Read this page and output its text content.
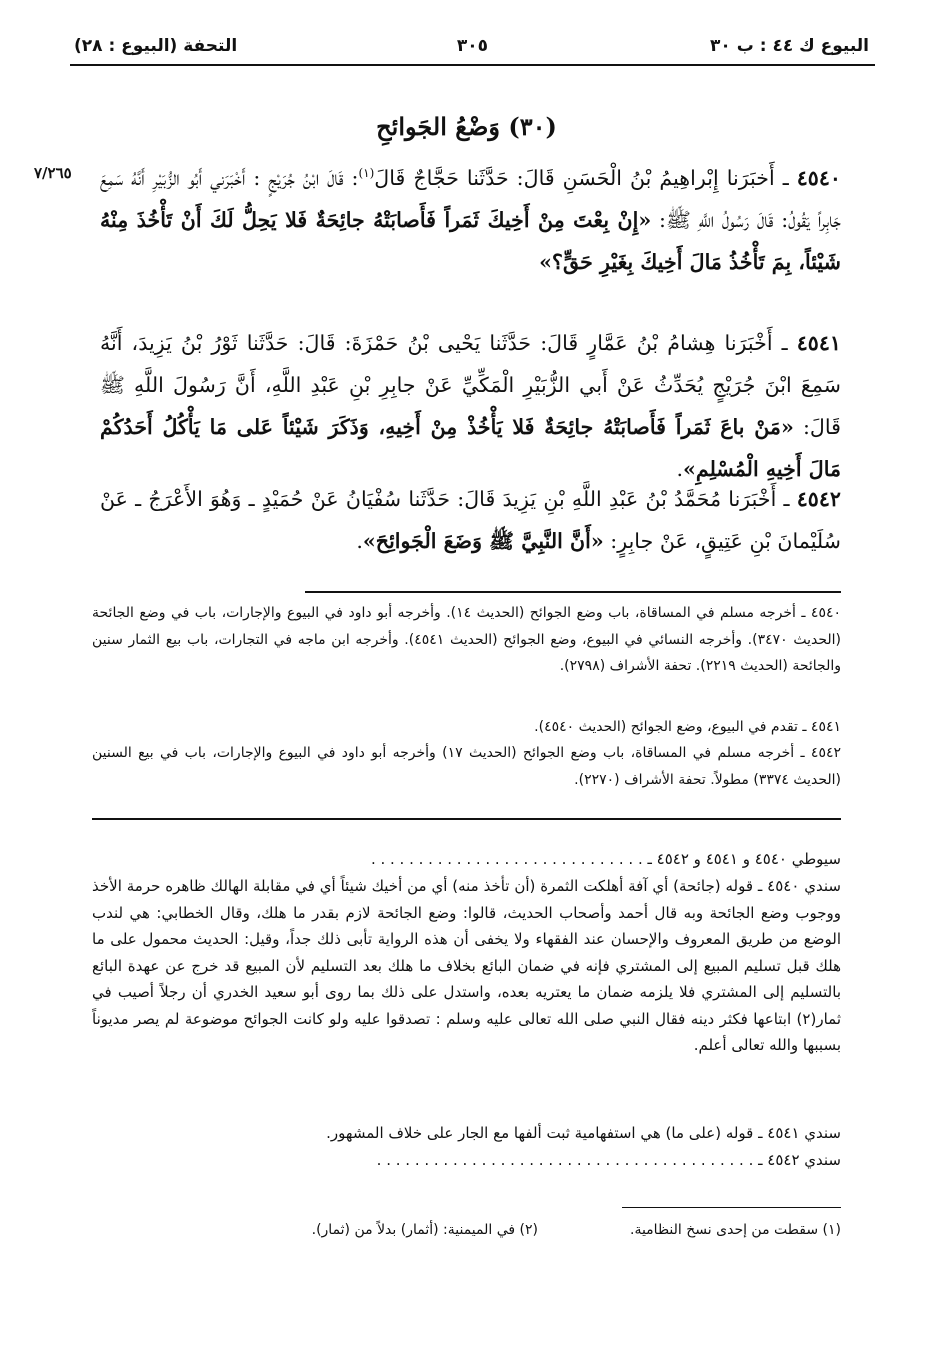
البيوع ك ٤٤ : ب ٣٠
٣٠٥
التحفة (البيوع : ٢٨)
(٣٠) وَضْعُ الجَوائحِ
٧/٢٦٥	٤٥٤٠ ـ أَخبَرَنا إِبْراهِيمُ بْنُ الْحَسَنِ قَالَ: حَدَّثَنا حَجَّاجٌ قَالَ$^{(١)}$: قَالَ ابْنُ جُرَيْجٍ : أَخْبَرَني أَبُو الزُّبَيْرِ أَنَّهُ سَمِعَ جَابِراً يَقُولُ: قَالَ رَسُولُ اللَّهِ ﷺ: «إِنْ بِعْتَ مِنْ أَخِيكَ ثَمَراً فَأَصابَتْهُ جائِحَةٌ فَلا يَحِلُّ لَكَ أَنْ تَأْخُذَ مِنْهُ شَيْئاً، بِمَ تَأْخُذُ مَالَ أَخِيكَ بِغَيْرِ حَقٍّ؟»

٤٥٤١ ـ أَخْبَرَنا هِشامُ بْنُ عَمَّارٍ قَالَ: حَدَّثَنا يَحْيى بْنُ حَمْزَةَ: قَالَ: حَدَّثَنا ثَوْرُ بْنُ يَزِيدَ، أَنَّهُ سَمِعَ ابْنَ جُرَيْجٍ يُحَدِّثُ عَنْ أَبي الزُّبَيْرِ الْمَكِّيِّ عَنْ جابِرِ بْنِ عَبْدِ اللَّهِ، أَنَّ رَسُولَ اللَّهِ ﷺ قَالَ: «مَنْ باعَ ثَمَراً فَأَصابَتْهُ جائِحَةٌ فَلا يَأْخُذْ مِنْ أَخِيهِ، وَذَكَرَ شَيْئاً عَلى مَا يَأْكُلُ أَحَدُكُمْ مَالَ أَخِيهِ الْمُسْلِمِ».

٤٥٤٢ ـ أَخْبَرَنا مُحَمَّدُ بْنُ عَبْدِ اللَّهِ بْنِ يَزِيدَ قَالَ: حَدَّثَنا سُفْيَانُ عَنْ حُمَيْدٍ ـ وَهُوَ الأَعْرَجُ ـ عَنْ سُلَيْمانَ بْنِ عَتِيقٍ، عَنْ جابِرٍ: «أَنَّ النَّبِيَّ ﷺ وَضَعَ الْجَوائِحَ».

٤٥٤٠ ـ أخرجه مسلم في المساقاة، باب وضع الجوائح (الحديث ١٤). وأخرجه أبو داود في البيوع والإجارات، باب في وضع الجائحة (الحديث ٣٤٧٠). وأخرجه النسائي في البيوع، وضع الجوائح (الحديث ٤٥٤١). وأخرجه ابن ماجه في التجارات، باب بيع الثمار سنين والجائحة (الحديث ٢٢١٩). تحفة الأشراف (٢٧٩٨).

٤٥٤١ ـ تقدم في البيوع، وضع الجوائح (الحديث ٤٥٤٠).

٤٥٤٢ ـ أخرجه مسلم في المساقاة، باب وضع الجوائح (الحديث ١٧) وأخرجه أبو داود في البيوع والإجارات، باب في بيع السنين (الحديث ٣٣٧٤) مطولاً. تحفة الأشراف (٢٢٧٠).

سيوطي ٤٥٤٠ و ٤٥٤١ و ٤٥٤٢ ـ . . . . . . . . . . . . . . . . . . . . . . . . . . . . .

سندي ٤٥٤٠ ـ قوله (جائحة) أي آفة أهلكت الثمرة (أن تأخذ منه) أي من أخيك شيئاً أي في مقابلة الهالك ظاهره حرمة الأخذ ووجوب وضع الجائحة وبه قال أحمد وأصحاب الحديث، قالوا: وضع الجائحة لازم بقدر ما هلك، وقال الخطابي: هي لندب الوضع من طريق المعروف والإحسان عند الفقهاء ولا يخفى أن هذه الرواية تأبى ذلك جداً، وقيل: الحديث محمول على ما هلك قبل تسليم المبيع إلى المشتري فإنه في ضمان البائع بخلاف ما هلك بعد التسليم لأن المبيع قد خرج عن عهدة البائع بالتسليم إلى المشتري فلا يلزمه ضمان ما يعتريه بعده، واستدل على ذلك بما روى أبو سعيد الخدري أن رجلاً أصيب في ثمار(٢) ابتاعها فكثر دينه فقال النبي صلى الله تعالى عليه وسلم : تصدقوا عليه ولو كانت الجوائح موضوعة لم يصر مديوناً بسببها والله تعالى أعلم.

سندي ٤٥٤١ ـ قوله (على ما) هي استفهامية ثبت ألفها مع الجار على خلاف المشهور.

سندي ٤٥٤٢ ـ . . . . . . . . . . . . . . . . . . . . . . . . . . . . . . . . . . . . . . . .

(١) سقطت من إحدى نسخ النظامية.
(٢) في الميمنية: (أثمار) بدلاً من (ثمار).
